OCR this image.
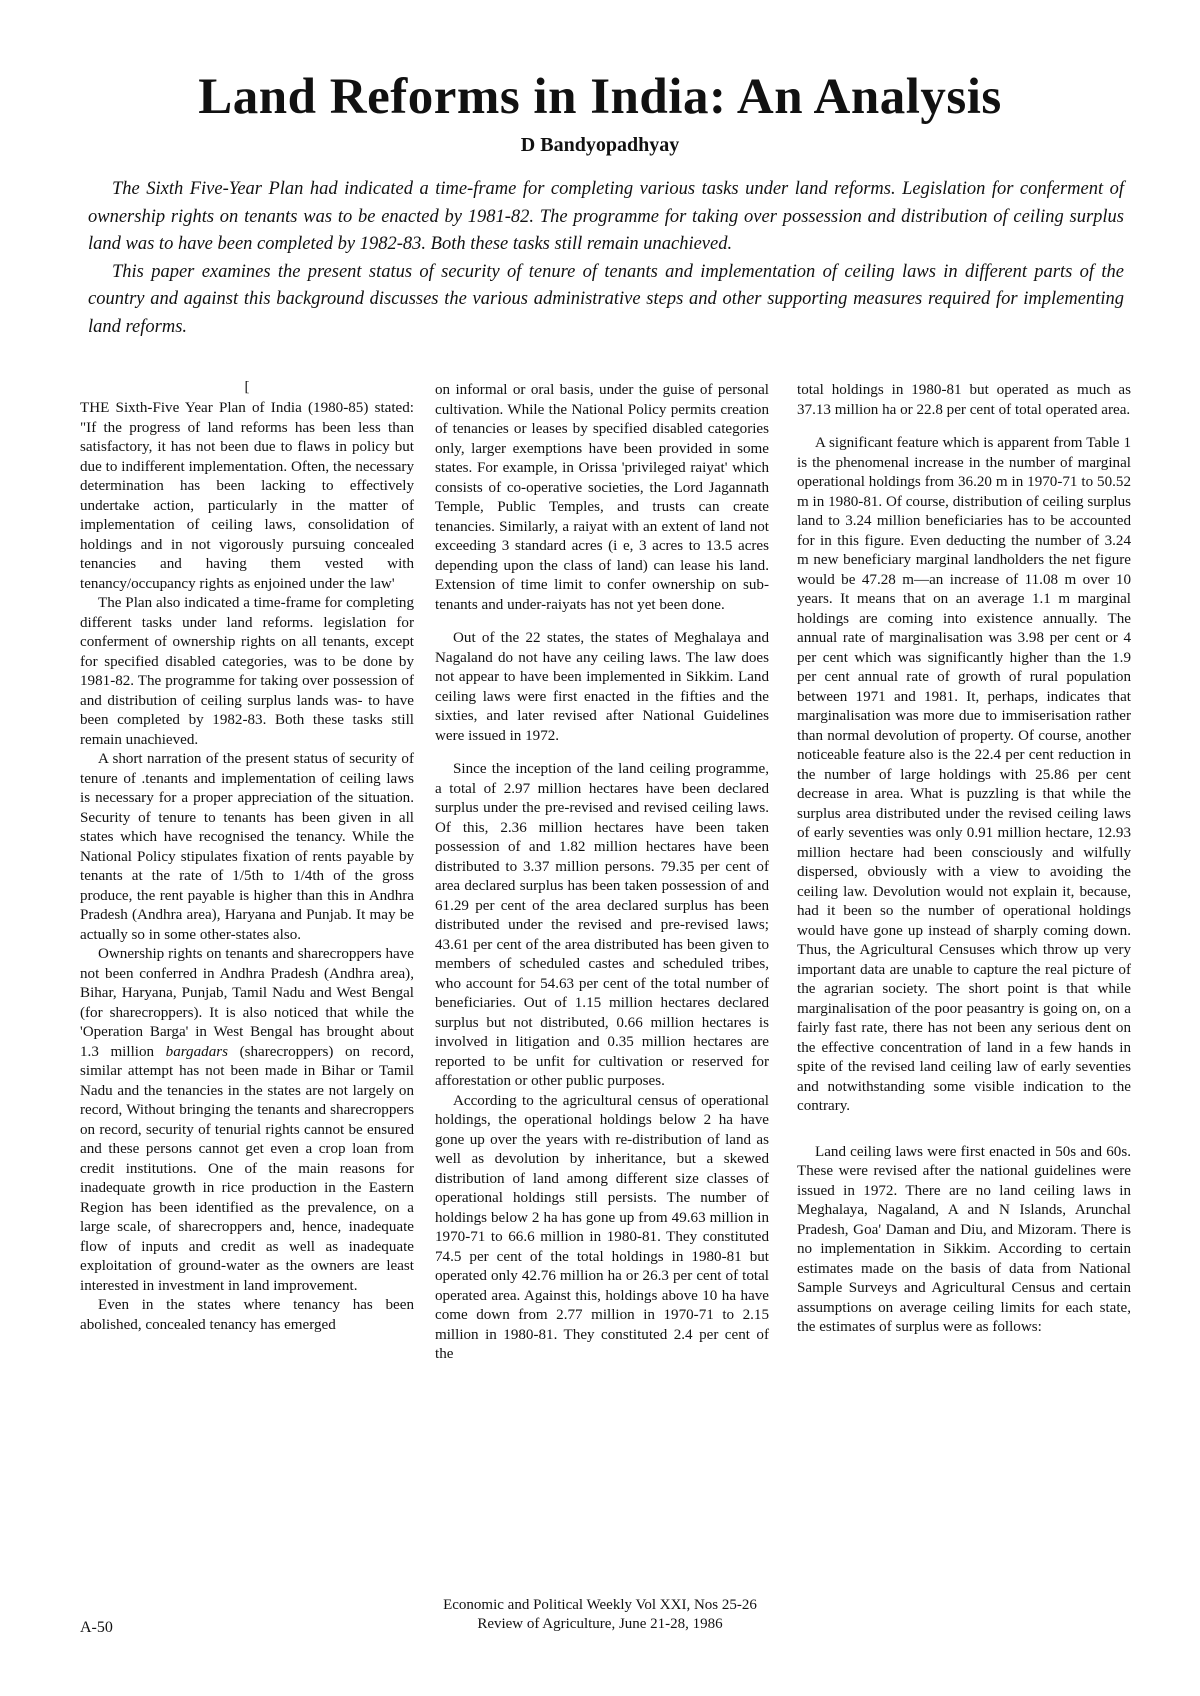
Land Reforms in India: An Analysis
D Bandyopadhyay

The Sixth Five-Year Plan had indicated a time-frame for completing various tasks under land reforms. Legislation for conferment of ownership rights on tenants was to be enacted by 1981-82. The programme for taking over possession and distribution of ceiling surplus land was to have been completed by 1982-83. Both these tasks still remain unachieved.

This paper examines the present status of security of tenure of tenants and implementation of ceiling laws in different parts of the country and against this background discusses the various administrative steps and other supporting measures required for implementing land reforms.

[

THE Sixth-Five Year Plan of India (1980-85) stated: "If the progress of land reforms has been less than satisfactory, it has not been due to flaws in policy but due to indifferent implementation. Often, the necessary determination has been lacking to effectively undertake action, particularly in the matter of implementation of ceiling laws, consolidation of holdings and in not vigorously pursuing concealed tenancies and having them vested with tenancy/occupancy rights as enjoined under the law'

The Plan also indicated a time-frame for completing different tasks under land reforms. legislation for conferment of ownership rights on all tenants, except for specified disabled categories, was to be done by 1981-82. The programme for taking over possession of and distribution of ceiling surplus lands was- to have been completed by 1982-83. Both these tasks still remain unachieved.

A short narration of the present status of security of tenure of .tenants and implementation of ceiling laws is necessary for a proper appreciation of the situation. Security of tenure to tenants has been given in all states which have recognised the tenancy. While the National Policy stipulates fixation of rents payable by tenants at the rate of 1/5th to 1/4th of the gross produce, the rent payable is higher than this in Andhra Pradesh (Andhra area), Haryana and Punjab. It may be actually so in some other-states also.

Ownership rights on tenants and sharecroppers have not been conferred in Andhra Pradesh (Andhra area), Bihar, Haryana, Punjab, Tamil Nadu and West Bengal (for sharecroppers). It is also noticed that while the 'Operation Barga' in West Bengal has brought about 1.3 million bargadars (sharecroppers) on record, similar attempt has not been made in Bihar or Tamil Nadu and the tenancies in the states are not largely on record, Without bringing the tenants and sharecroppers on record, security of tenurial rights cannot be ensured and these persons cannot get even a crop loan from credit institutions. One of the main reasons for inadequate growth in rice production in the Eastern Region has been identified as the prevalence, on a large scale, of sharecroppers and, hence, inadequate flow of inputs and credit as well as inadequate exploitation of ground-water as the owners are least interested in investment in land improvement.

Even in the states where tenancy has been abolished, concealed tenancy has emerged

on informal or oral basis, under the guise of personal cultivation. While the National Policy permits creation of tenancies or leases by specified disabled categories only, larger exemptions have been provided in some states. For example, in Orissa 'privileged raiyat' which consists of co-operative societies, the Lord Jagannath Temple, Public Temples, and trusts can create tenancies. Similarly, a raiyat with an extent of land not exceeding 3 standard acres (i e, 3 acres to 13.5 acres depending upon the class of land) can lease his land. Extension of time limit to confer ownership on sub-tenants and under-raiyats has not yet been done.

Out of the 22 states, the states of Meghalaya and Nagaland do not have any ceiling laws. The law does not appear to have been implemented in Sikkim. Land ceiling laws were first enacted in the fifties and the sixties, and later revised after National Guidelines were issued in 1972.

Since the inception of the land ceiling programme, a total of 2.97 million hectares have been declared surplus under the pre-revised and revised ceiling laws. Of this, 2.36 million hectares have been taken possession of and 1.82 million hectares have been distributed to 3.37 million persons. 79.35 per cent of area declared surplus has been taken possession of and 61.29 per cent of the area declared surplus has been distributed under the revised and pre-revised laws; 43.61 per cent of the area distributed has been given to members of scheduled castes and scheduled tribes, who account for 54.63 per cent of the total number of beneficiaries. Out of 1.15 million hectares declared surplus but not distributed, 0.66 million hectares is involved in litigation and 0.35 million hectares are reported to be unfit for cultivation or reserved for afforestation or other public purposes.

According to the agricultural census of operational holdings, the operational holdings below 2 ha have gone up over the years with re-distribution of land as well as devolution by inheritance, but a skewed distribution of land among different size classes of operational holdings still persists. The number of holdings below 2 ha has gone up from 49.63 million in 1970-71 to 66.6 million in 1980-81. They constituted 74.5 per cent of the total holdings in 1980-81 but operated only 42.76 million ha or 26.3 per cent of total operated area. Against this, holdings above 10 ha have come down from 2.77 million in 1970-71 to 2.15 million in 1980-81. They constituted 2.4 per cent of the

total holdings in 1980-81 but operated as much as 37.13 million ha or 22.8 per cent of total operated area.

A significant feature which is apparent from Table 1 is the phenomenal increase in the number of marginal operational holdings from 36.20 m in 1970-71 to 50.52 m in 1980-81. Of course, distribution of ceiling surplus land to 3.24 million beneficiaries has to be accounted for in this figure. Even deducting the number of 3.24 m new beneficiary marginal landholders the net figure would be 47.28 m—an increase of 11.08 m over 10 years. It means that on an average 1.1 m marginal holdings are coming into existence annually. The annual rate of marginalisation was 3.98 per cent or 4 per cent which was significantly higher than the 1.9 per cent annual rate of growth of rural population between 1971 and 1981. It, perhaps, indicates that marginalisation was more due to immiserisation rather than normal devolution of property. Of course, another noticeable feature also is the 22.4 per cent reduction in the number of large holdings with 25.86 per cent decrease in area. What is puzzling is that while the surplus area distributed under the revised ceiling laws of early seventies was only 0.91 million hectare, 12.93 million hectare had been consciously and wilfully dispersed, obviously with a view to avoiding the ceiling law. Devolution would not explain it, because, had it been so the number of operational holdings would have gone up instead of sharply coming down. Thus, the Agricultural Censuses which throw up very important data are unable to capture the real picture of the agrarian society. The short point is that while marginalisation of the poor peasantry is going on, on a fairly fast rate, there has not been any serious dent on the effective concentration of land in a few hands in spite of the revised land ceiling law of early seventies and notwithstanding some visible indication to the contrary.

Land ceiling laws were first enacted in 50s and 60s. These were revised after the national guidelines were issued in 1972. There are no land ceiling laws in Meghalaya, Nagaland, A and N Islands, Arunchal Pradesh, Goa' Daman and Diu, and Mizoram. There is no implementation in Sikkim. According to certain estimates made on the basis of data from National Sample Surveys and Agricultural Census and certain assumptions on average ceiling limits for each state, the estimates of surplus were as follows:

A-50
Economic and Political Weekly Vol XXI, Nos 25-26
Review of Agriculture, June 21-28, 1986
